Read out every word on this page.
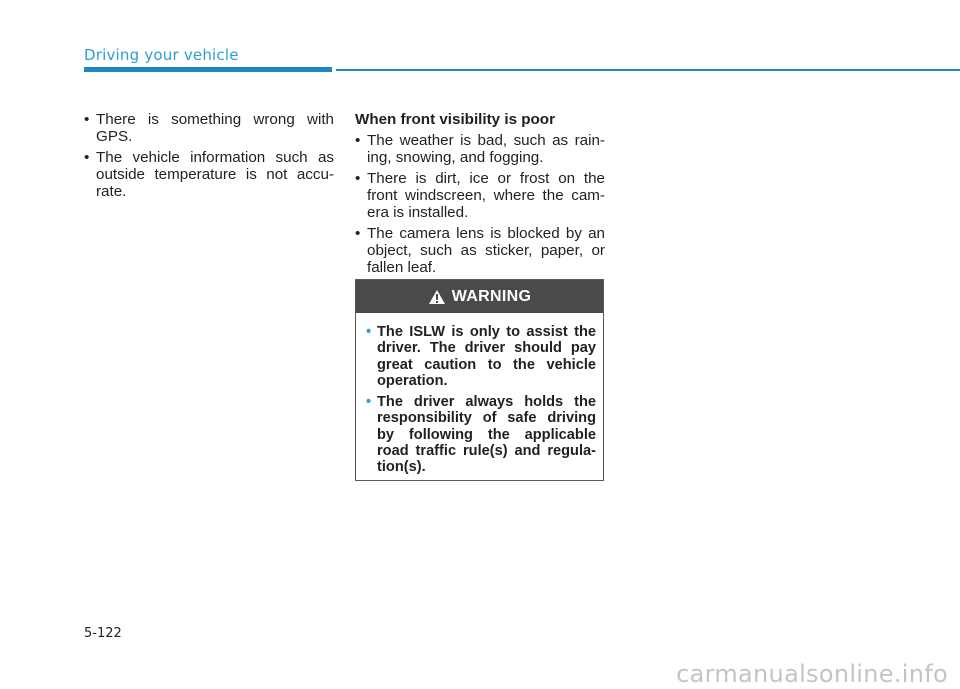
Driving your vehicle
• There is something wrong with GPS.
• The vehicle information such as outside temperature is not accu-rate.

When front visibility is poor

• The weather is bad, such as rain-ing, snowing, and fogging.
• There is dirt, ice or frost on the front windscreen, where the cam-era is installed.
• The camera lens is blocked by an object, such as sticker, paper, or fallen leaf.
WARNING
• The ISLW is only to assist the driver. The driver should pay great caution to the vehicle operation.
• The driver always holds the responsibility of safe driving by following the applicable road traffic rule(s) and regula-tion(s).
5-122
carmanualsonline.info
